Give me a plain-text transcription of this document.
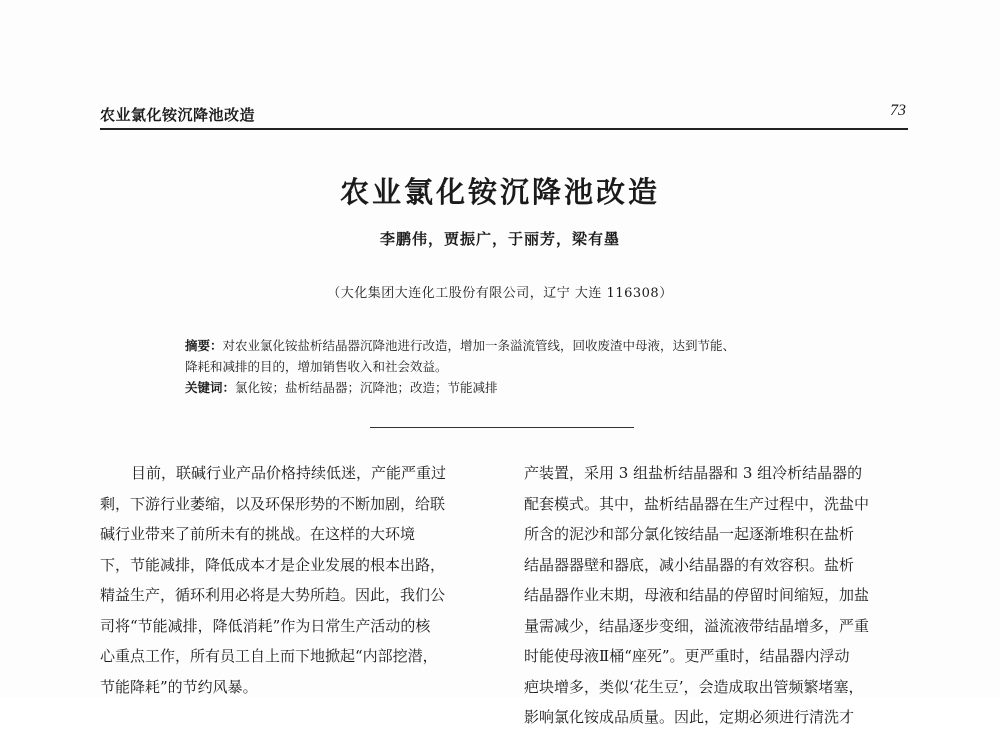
农业氯化铵沉降池改造	73
农业氯化铵沉降池改造
李鹏伟，贾振广，于丽芳，梁有墨
（大化集团大连化工股份有限公司，辽宁 大连 116308）
摘要：对农业氯化铵盐析结晶器沉降池进行改造，增加一条溢流管线，回收废渣中母液，达到节能、
降耗和减排的目的，增加销售收入和社会效益。
关键词：氯化铵；盐析结晶器；沉降池；改造；节能减排
目前，联碱行业产品价格持续低迷，产能严重过
剩，下游行业萎缩，以及环保形势的不断加剧，给联
碱行业带来了前所未有的挑战。在这样的大环境
下，节能减排，降低成本才是企业发展的根本出路，
精益生产，循环利用必将是大势所趋。因此，我们公
司将“节能减排，降低消耗”作为日常生产活动的核
心重点工作，所有员工自上而下地掀起“内部挖潜，
节能降耗”的节约风暴。
产装置，采用 3 组盐析结晶器和 3 组冷析结晶器的
配套模式。其中，盐析结晶器在生产过程中，洗盐中
所含的泥沙和部分氯化铵结晶一起逐渐堆积在盐析
结晶器器壁和器底，减小结晶器的有效容积。盐析
结晶器作业末期，母液和结晶的停留时间缩短，加盐
量需减少，结晶逐步变细，溢流液带结晶增多，严重
时能使母液Ⅱ桶“座死”。更严重时，结晶器内浮动
疤块增多，类似‘花生豆’，会造成取出管频繁堵塞，
影响氯化铵成品质量。因此，定期必须进行清洗才
